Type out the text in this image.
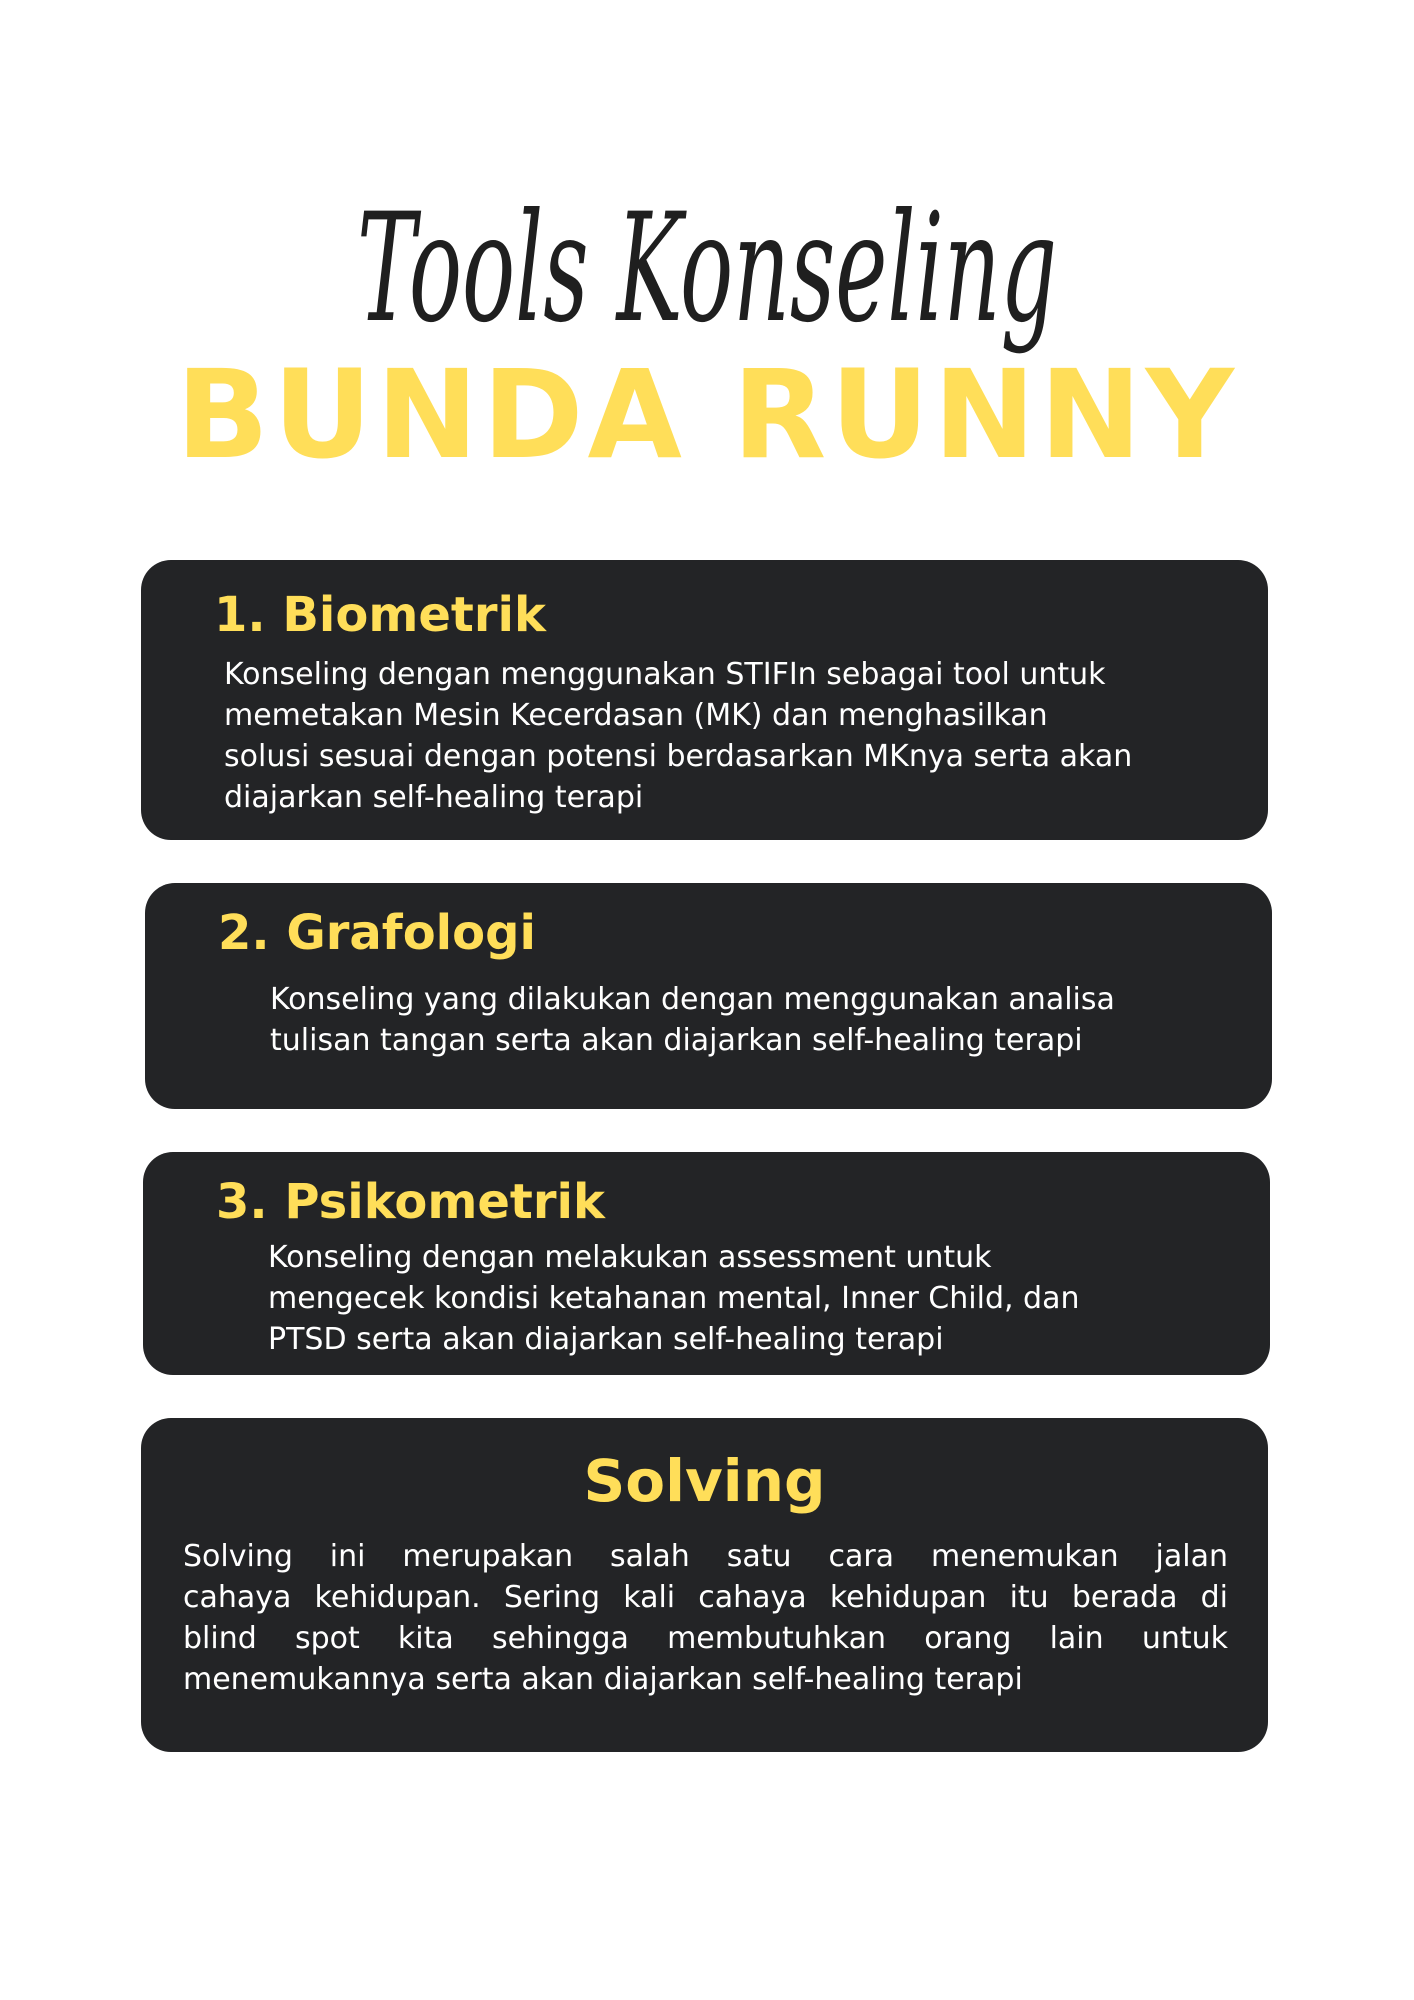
Tools Konseling
BUNDA RUNNY
1. Biometrik

Konseling dengan menggunakan STIFIn sebagai tool untuk
memetakan Mesin Kecerdasan (MK) dan menghasilkan
solusi sesuai dengan potensi berdasarkan MKnya serta akan
diajarkan self-healing terapi

2. Grafologi

Konseling yang dilakukan dengan menggunakan analisa
tulisan tangan serta akan diajarkan self-healing terapi

3. Psikometrik

Konseling dengan melakukan assessment untuk
mengecek kondisi ketahanan mental, Inner Child, dan
PTSD serta akan diajarkan self-healing terapi

Solving

Solving ini merupakan salah satu cara menemukan jalan
cahaya kehidupan. Sering kali cahaya kehidupan itu berada di
blind spot kita sehingga membutuhkan orang lain untuk
menemukannya serta akan diajarkan self-healing terapi
